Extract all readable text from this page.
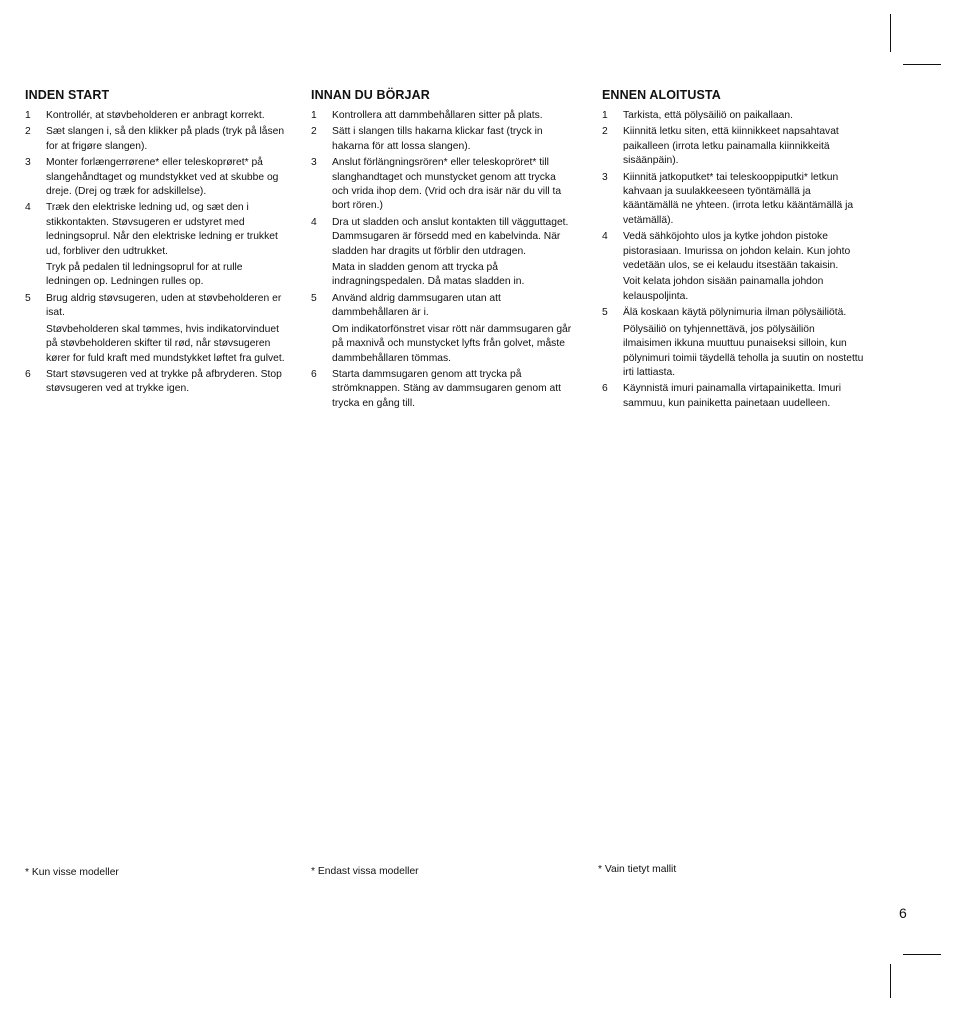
INDEN START
1	Kontrollér, at støvbeholderen er anbragt korrekt.

2	Sæt slangen i, så den klikker på plads (tryk på låsen for at frigøre slangen).

3	Monter forlængerrørene* eller teleskoprøret* på slangehåndtaget og mundstykket ved at skubbe og dreje. (Drej og træk for adskillelse).

4	Træk den elektriske ledning ud, og sæt den i stikkontakten. Støvsugeren er udstyret med ledningsoprul. Når den elektriske ledning er trukket ud, forbliver den udtrukket.

Tryk på pedalen til ledningsoprul for at rulle ledningen op. Ledningen rulles op.

5	Brug aldrig støvsugeren, uden at støvbeholderen er isat.

Støvbeholderen skal tømmes, hvis indikatorvinduet på støvbeholderen skifter til rød, når støvsugeren kører for fuld kraft med mundstykket løftet fra gulvet.

6	Start støvsugeren ved at trykke på afbryderen. Stop støvsugeren ved at trykke igen.

INNAN DU BÖRJAR
1	Kontrollera att dammbehållaren sitter på plats.

2	Sätt i slangen tills hakarna klickar fast (tryck in hakarna för att lossa slangen).

3	Anslut förlängningsrören* eller teleskopröret* till slanghandtaget och munstycket genom att trycka och vrida ihop dem. (Vrid och dra isär när du vill ta bort rören.)

4	Dra ut sladden och anslut kontakten till vägguttaget. Dammsugaren är försedd med en kabelvinda. När sladden har dragits ut förblir den utdragen.

Mata in sladden genom att trycka på indragningspedalen. Då matas sladden in.

5	Använd aldrig dammsugaren utan att dammbehållaren är i.

Om indikatorfönstret visar rött när dammsugaren går på maxnivå och munstycket lyfts från golvet, måste dammbehållaren tömmas.

6	Starta dammsugaren genom att trycka på strömknappen. Stäng av dammsugaren genom att trycka en gång till.

ENNEN ALOITUSTA
1	Tarkista, että pölysäiliö on paikallaan.

2	Kiinnitä letku siten, että kiinnikkeet napsahtavat paikalleen (irrota letku painamalla kiinnikkeitä sisäänpäin).

3	Kiinnitä jatkoputket* tai teleskooppiputki* letkun kahvaan ja suulakkeeseen työntämällä ja kääntämällä ne yhteen. (irrota letku kääntämällä ja vetämällä).

4	Vedä sähköjohto ulos ja kytke johdon pistoke pistorasiaan. Imurissa on johdon kelain. Kun johto vedetään ulos, se ei kelaudu itsestään takaisin.

Voit kelata johdon sisään painamalla johdon kelauspoljinta.

5	Älä koskaan käytä pölynimuria ilman pölysäiliötä.

Pölysäiliö on tyhjennettävä, jos pölysäiliön ilmaisimen ikkuna muuttuu punaiseksi silloin, kun pölynimuri toimii täydellä teholla ja suutin on nostettu irti lattiasta.

6	Käynnistä imuri painamalla virtapainiketta. Imuri sammuu, kun painiketta painetaan uudelleen.

* Kun visse modeller	* Endast vissa modeller	* Vain tietyt mallit
6
